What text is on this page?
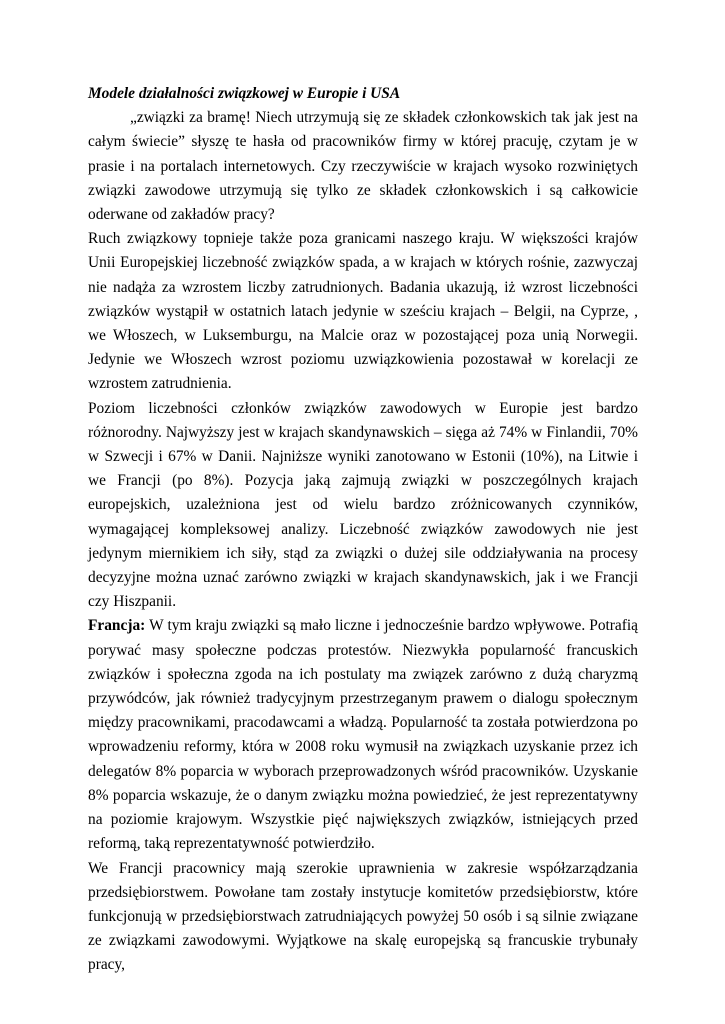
Modele działalności związkowej w Europie i USA

„związki za bramę! Niech utrzymują się ze składek członkowskich tak jak jest na całym świecie” słyszę te hasła od pracowników firmy w której pracuję, czytam je w prasie i na portalach internetowych. Czy rzeczywiście w krajach wysoko rozwiniętych związki zawodowe utrzymują się tylko ze składek członkowskich i są całkowicie oderwane od zakładów pracy?

Ruch związkowy topnieje także poza granicami naszego kraju. W większości krajów Unii Europejskiej liczebność związków spada, a w krajach w których rośnie, zazwyczaj nie nadąża za wzrostem liczby zatrudnionych. Badania ukazują, iż wzrost liczebności związków wystąpił w ostatnich latach jedynie w sześciu krajach – Belgii, na Cyprze, , we Włoszech, w Luksemburgu, na Malcie oraz w pozostającej poza unią Norwegii. Jedynie we Włoszech wzrost poziomu uzwiązkowienia pozostawał w korelacji ze wzrostem zatrudnienia.

Poziom liczebności członków związków zawodowych w Europie jest bardzo różnorodny. Najwyższy jest w krajach skandynawskich – sięga aż 74% w Finlandii, 70% w Szwecji i 67% w Danii. Najniższe wyniki zanotowano w Estonii (10%), na Litwie i we Francji (po 8%). Pozycja jaką zajmują związki w poszczególnych krajach europejskich, uzależniona jest od wielu bardzo zróżnicowanych czynników, wymagającej kompleksowej analizy. Liczebność związków zawodowych nie jest jedynym miernikiem ich siły, stąd za związki o dużej sile oddziaływania na procesy decyzyjne można uznać zarówno związki w krajach skandynawskich, jak i we Francji czy Hiszpanii.

Francja: W tym kraju związki są mało liczne i jednocześnie bardzo wpływowe. Potrafią porywać masy społeczne podczas protestów. Niezwykła popularność francuskich związków i społeczna zgoda na ich postulaty ma związek zarówno z dużą charyzmą przywódców, jak również tradycyjnym przestrzeganym prawem o dialogu społecznym między pracownikami, pracodawcami a władzą. Popularność ta została potwierdzona po wprowadzeniu reformy, która w 2008 roku wymusił na związkach uzyskanie przez ich delegatów 8% poparcia w wyborach przeprowadzonych wśród pracowników. Uzyskanie 8% poparcia wskazuje, że o danym związku można powiedzieć, że jest reprezentatywny na poziomie krajowym. Wszystkie pięć największych związków, istniejących przed reformą, taką reprezentatywność potwierdziło.

We Francji pracownicy mają szerokie uprawnienia w zakresie współzarządzania przedsiębiorstwem. Powołane tam zostały instytucje komitetów przedsiębiorstw, które funkcjonują w przedsiębiorstwach zatrudniających powyżej 50 osób i są silnie związane ze związkami zawodowymi. Wyjątkowe na skalę europejską są francuskie trybunały pracy,
